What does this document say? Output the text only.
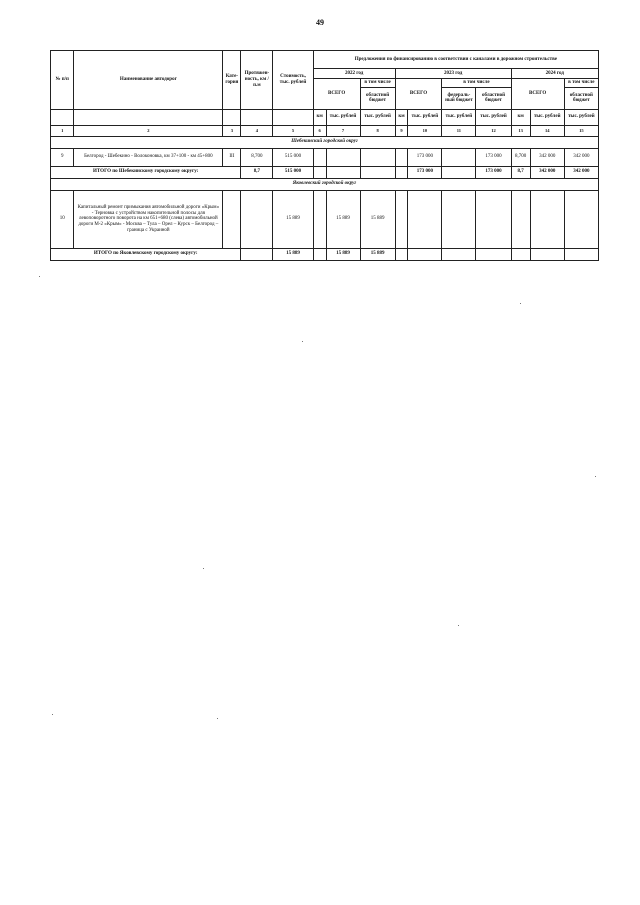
49
№ п/п	Наименование автодорог	Кате-гория	Протяжен-ность, км / п.м	Стоимость, тыс. рублей	Предложения по финансированию в соответствии с каналами в дорожном строительстве									
					2022 год			2023 год				2024 год		
					ВСЕГО		в том числе	ВСЕГО		в том числе		ВСЕГО		в том числе
							областной бюджет			федераль-ный бюджет	областной бюджет			областной бюджет
					км	тыс. рублей	тыс. рублей	км	тыс. рублей	тыс. рублей	тыс. рублей	км	тыс. рублей	тыс. рублей
1	2	3	4	5	6	7	8	9	10	11	12	13	14	15
Шебекинский городской округ														
9	Белгород - Шебекино - Волоконовка, км 37+100 - км 45+800	III	8,700	515 000					173 000		173 000	8,700	342 000	342 000
ИТОГО по Шебекинскому городскому округу:			8,7	515 000					173 000		173 000	8,7	342 000	342 000
Яковлевский городской округ														
10	Капитальный ремонт примыкания автомобильной дороги «Крым» - Терновка с устройством накопительной полосы для левоповоротного поворота на км 651+680 (слева) автомобильной дороги М-2 «Крым» - Москва – Тула – Орел – Курск – Белгород – граница с Украиной			15 889		15 889	15 889							
ИТОГО по Яковлевскому городскому округу:				15 889		15 889	15 889							
